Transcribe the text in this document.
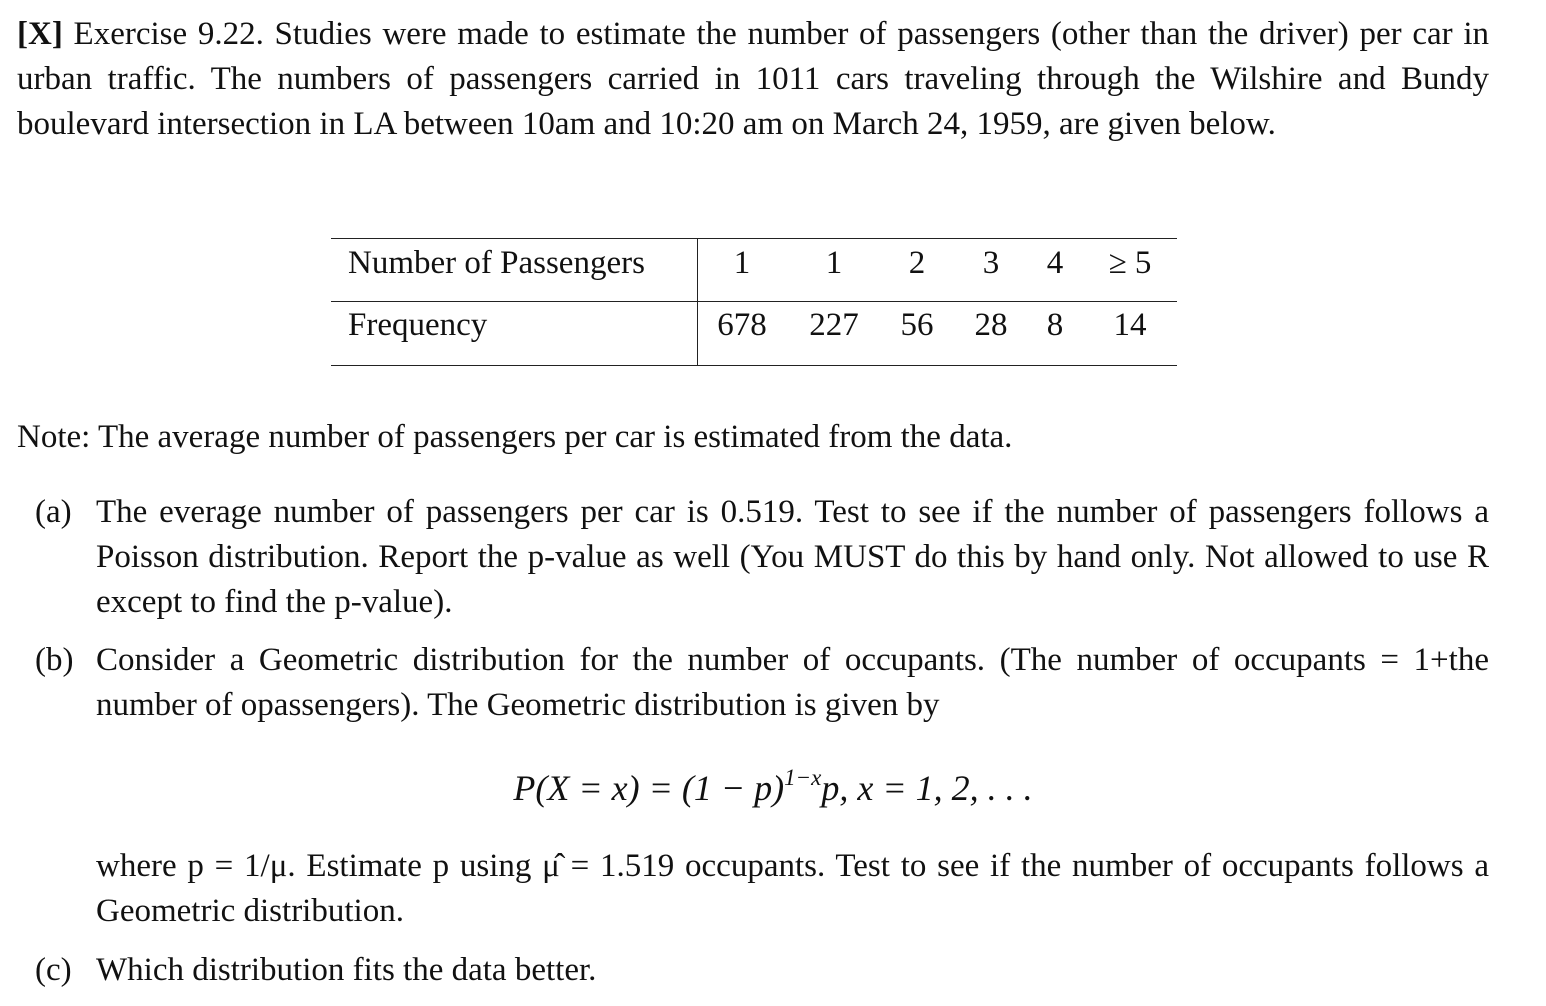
[X] Exercise 9.22. Studies were made to estimate the number of passengers (other than the driver) per car in urban traffic. The numbers of passengers carried in 1011 cars traveling through the Wilshire and Bundy boulevard intersection in LA between 10am and 10:20 am on March 24, 1959, are given below.
Number of Passengers
Frequency
1 1 2 3 4 ≥ 5
678 227 56 28 8 14
Note: The average number of passengers per car is estimated from the data.
(a) The everage number of passengers per car is 0.519. Test to see if the number of passengers follows a Poisson distribution. Report the p-value as well (You MUST do this by hand only. Not allowed to use R except to find the p-value).
(b) Consider a Geometric distribution for the number of occupants. (The number of occupants = 1+the number of opassengers). The Geometric distribution is given by
$P(X = x) = (1 - p)^{1-x}p$, x = 1, 2, . . .
where p = 1/μ. Estimate p using μ̂ = 1.519 occupants. Test to see if the number of occupants follows a Geometric distribution.
(c) Which distribution fits the data better.
